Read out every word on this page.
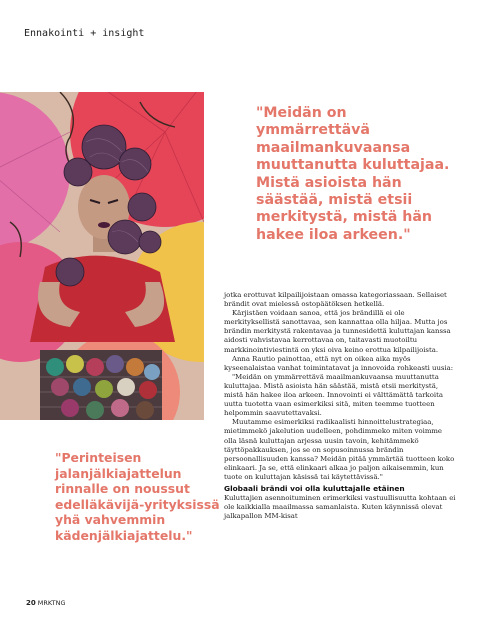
Ennakointi + insight
"Meidän on ymmärrettävä maailmankuvaansa muuttanutta kuluttajaa. Mistä asioista hän säästää, mistä etsii merkitystä, mistä hän hakee iloa arkeen."

jotka erottuvat kilpailijoistaan omassa kategoriassaan. Sellaiset brändit ovat mielessä ostopäätöksen hetkellä.

Kärjistäen voidaan sanoa, että jos brändillä ei ole merkityksellistä sanottavaa, sen kannattaa olla hiljaa. Mutta jos brändin merkitystä rakentavaa ja tunnesidettä kuluttajan kanssa aidosti vahvistavaa kerrottavaa on, taitavasti muotoiltu markkinointiviestintä on yksi oiva keino erottua kilpailijoista.

Anna Rautio painottaa, että nyt on oikea aika myös kyseenalaistaa vanhat toimintatavat ja innovoida rohkeasti uusia:

"Meidän on ymmärrettävä maailmankuvaansa muuttanutta kuluttajaa. Mistä asioista hän säästää, mistä etsii merkitystä, mistä hän hakee iloa arkeen. Innovointi ei välttämättä tarkoita uutta tuotetta vaan esimerkiksi sitä, miten teemme tuotteen helpommin saavutettavaksi.

Muutamme esimerkiksi radikaalisti hinnoittelustrategiaa, mietimmekö jakelution uudelleen, pohdimmeko miten voimme olla läsnä kuluttajan arjessa uusin tavoin, kehitämmekö täyttöpakkauksen, jos se on sopusoinnussa brändin persoonallisuuden kanssa? Meidän pitää ymmärtää tuotteen koko elinkaari. Ja se, että elinkaari alkaa jo paljon aikaisemmin, kun tuote on kuluttajan käsissä tai käytettävissä."

Globaali brändi voi olla kuluttajalle etäinen

Kuluttajien asennoituminen erimerkiksi vastuullisuutta kohtaan ei ole kaikkialla maailmassa samanlaista. Kuten käynnissä olevat jalkapallon MM-kisat

"Perinteisen jalanjälkiajattelun rinnalle on noussut edelläkävijä-yrityksissä yhä vahvemmin kädenjälkiajattelu."
20 MRKTNG
